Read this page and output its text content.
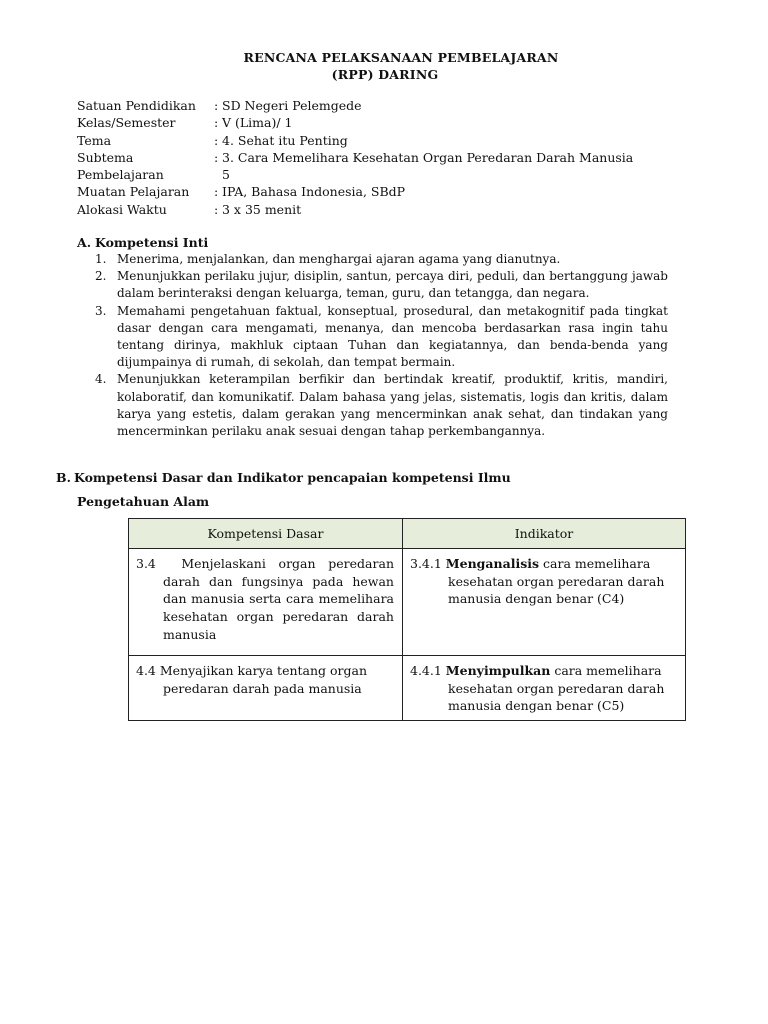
RENCANA PELAKSANAAN PEMBELAJARAN
(RPP) DARING
Satuan Pendidikan	: SD Negeri Pelemgede
Kelas/Semester	: V (Lima)/ 1
Tema	: 4. Sehat itu Penting
Subtema	: 3. Cara Memelihara Kesehatan Organ Peredaran Darah Manusia
Pembelajaran	5
Muatan Pelajaran	: IPA, Bahasa Indonesia, SBdP
Alokasi Waktu	: 3 x 35 menit
A. Kompetensi Inti
1. Menerima, menjalankan, dan menghargai ajaran agama yang dianutnya.
2. Menunjukkan perilaku jujur, disiplin, santun, percaya diri, peduli, dan bertanggung jawab dalam berinteraksi dengan keluarga, teman, guru, dan tetangga, dan negara.
3. Memahami pengetahuan faktual, konseptual, prosedural, dan metakognitif pada tingkat dasar dengan cara mengamati, menanya, dan mencoba berdasarkan rasa ingin tahu tentang dirinya, makhluk ciptaan Tuhan dan kegiatannya, dan benda-benda yang dijumpainya di rumah, di sekolah, dan tempat bermain.
4. Menunjukkan keterampilan berfikir dan bertindak kreatif, produktif, kritis, mandiri, kolaboratif, dan komunikatif. Dalam bahasa yang jelas, sistematis, logis dan kritis, dalam karya yang estetis, dalam gerakan yang mencerminkan anak sehat, dan tindakan yang mencerminkan perilaku anak sesuai dengan tahap perkembangannya.
B. Kompetensi Dasar dan Indikator pencapaian kompetensi Ilmu
Pengetahuan Alam
Kompetensi Dasar	Indikator

3.4 Menjelaskani organ peredaran darah dan fungsinya pada hewan dan manusia serta cara memelihara kesehatan organ peredaran darah manusia	3.4.1 Menganalisis cara memelihara kesehatan organ peredaran darah manusia dengan benar (C4)

4.4 Menyajikan karya tentang organ peredaran darah pada manusia	4.4.1 Menyimpulkan cara memelihara kesehatan organ peredaran darah manusia dengan benar (C5)
